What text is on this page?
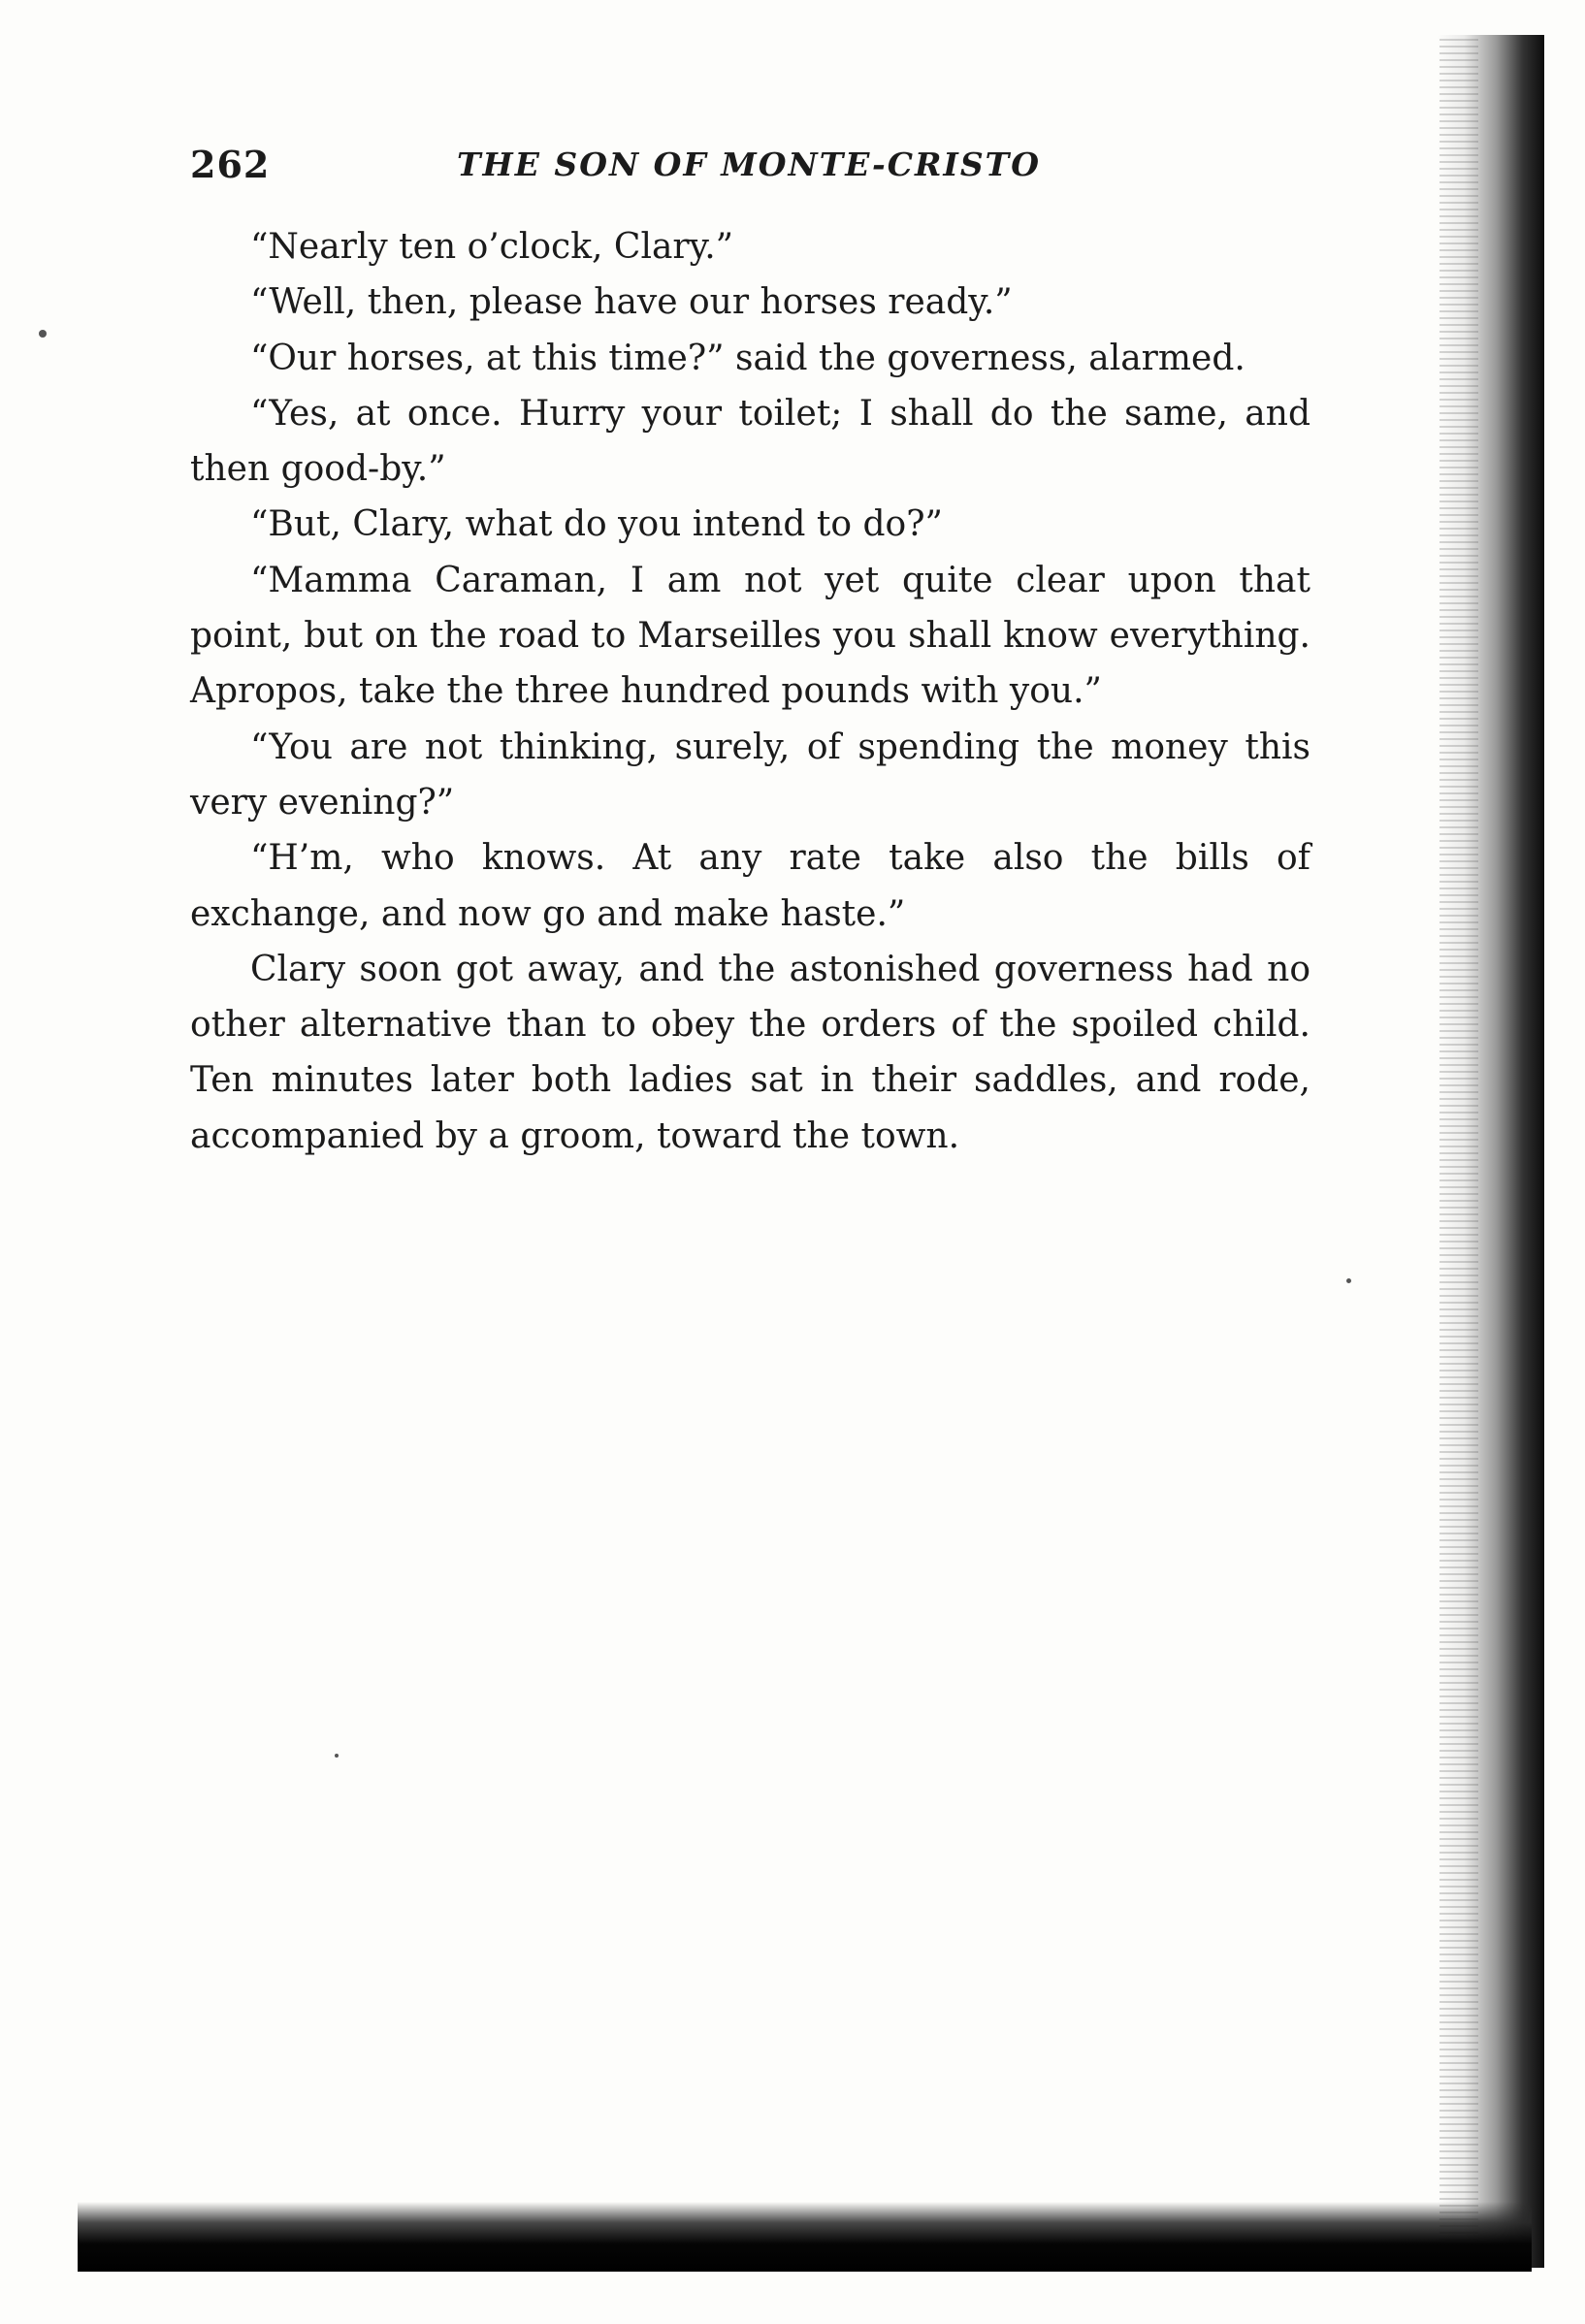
262	THE SON OF MONTE-CRISTO

“Nearly ten o’clock, Clary.”

“Well, then, please have our horses ready.”

“Our horses, at this time?” said the governess, alarmed.

“Yes, at once. Hurry your toilet; I shall do the same, and then good-by.”

“But, Clary, what do you intend to do?”

“Mamma Caraman, I am not yet quite clear upon that point, but on the road to Marseilles you shall know everything. Apropos, take the three hundred pounds with you.”

“You are not thinking, surely, of spending the money this very evening?”

“H’m, who knows. At any rate take also the bills of exchange, and now go and make haste.”

Clary soon got away, and the astonished governess had no other alternative than to obey the orders of the spoiled child. Ten minutes later both ladies sat in their saddles, and rode, accompanied by a groom, toward the town.
